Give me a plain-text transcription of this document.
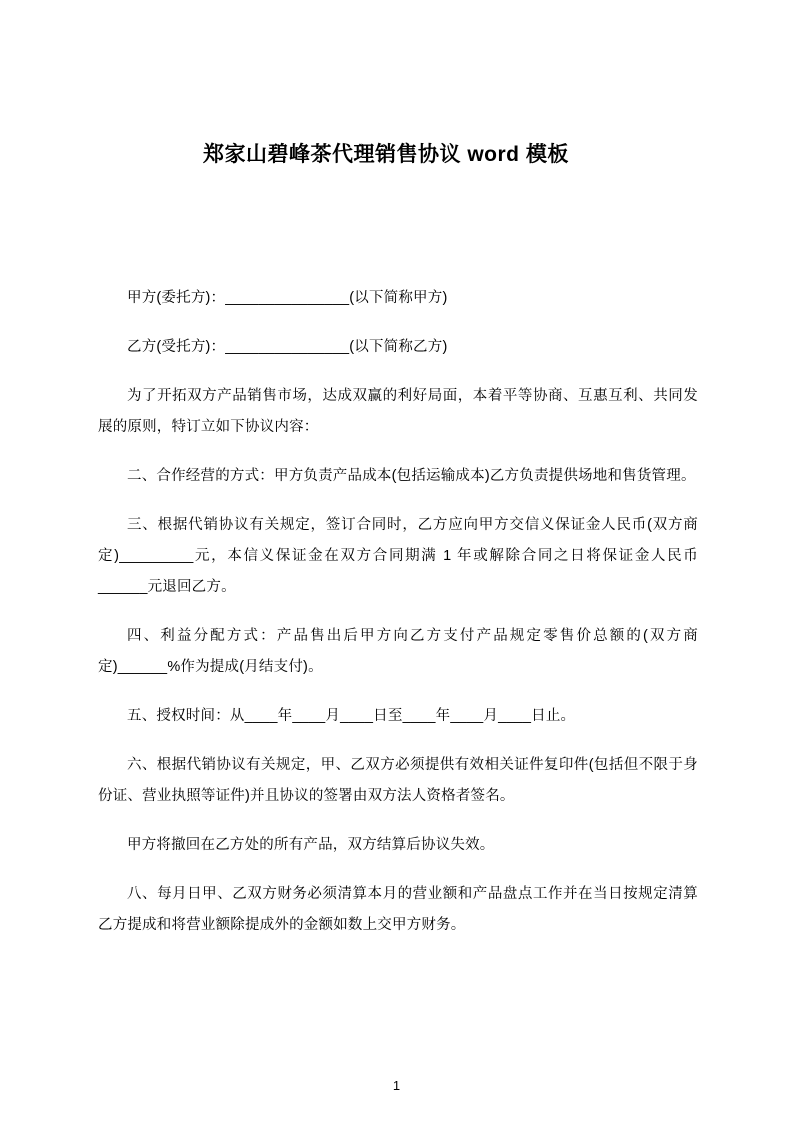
郑家山碧峰茶代理销售协议 word 模板

甲方(委托方)：_______________(以下简称甲方)

乙方(受托方)：_______________(以下简称乙方)

为了开拓双方产品销售市场，达成双赢的利好局面，本着平等协商、互惠互利、共同发展的原则，特订立如下协议内容：

二、合作经营的方式：甲方负责产品成本(包括运输成本)乙方负责提供场地和售货管理。

三、根据代销协议有关规定，签订合同时，乙方应向甲方交信义保证金人民币(双方商定)_________元，本信义保证金在双方合同期满 1 年或解除合同之日将保证金人民币______元退回乙方。

四、利益分配方式：产品售出后甲方向乙方支付产品规定零售价总额的(双方商定)______%作为提成(月结支付)。

五、授权时间：从____年____月____日至____年____月____日止。

六、根据代销协议有关规定，甲、乙双方必须提供有效相关证件复印件(包括但不限于身份证、营业执照等证件)并且协议的签署由双方法人资格者签名。

甲方将撤回在乙方处的所有产品，双方结算后协议失效。

八、每月日甲、乙双方财务必须清算本月的营业额和产品盘点工作并在当日按规定清算乙方提成和将营业额除提成外的金额如数上交甲方财务。

1
